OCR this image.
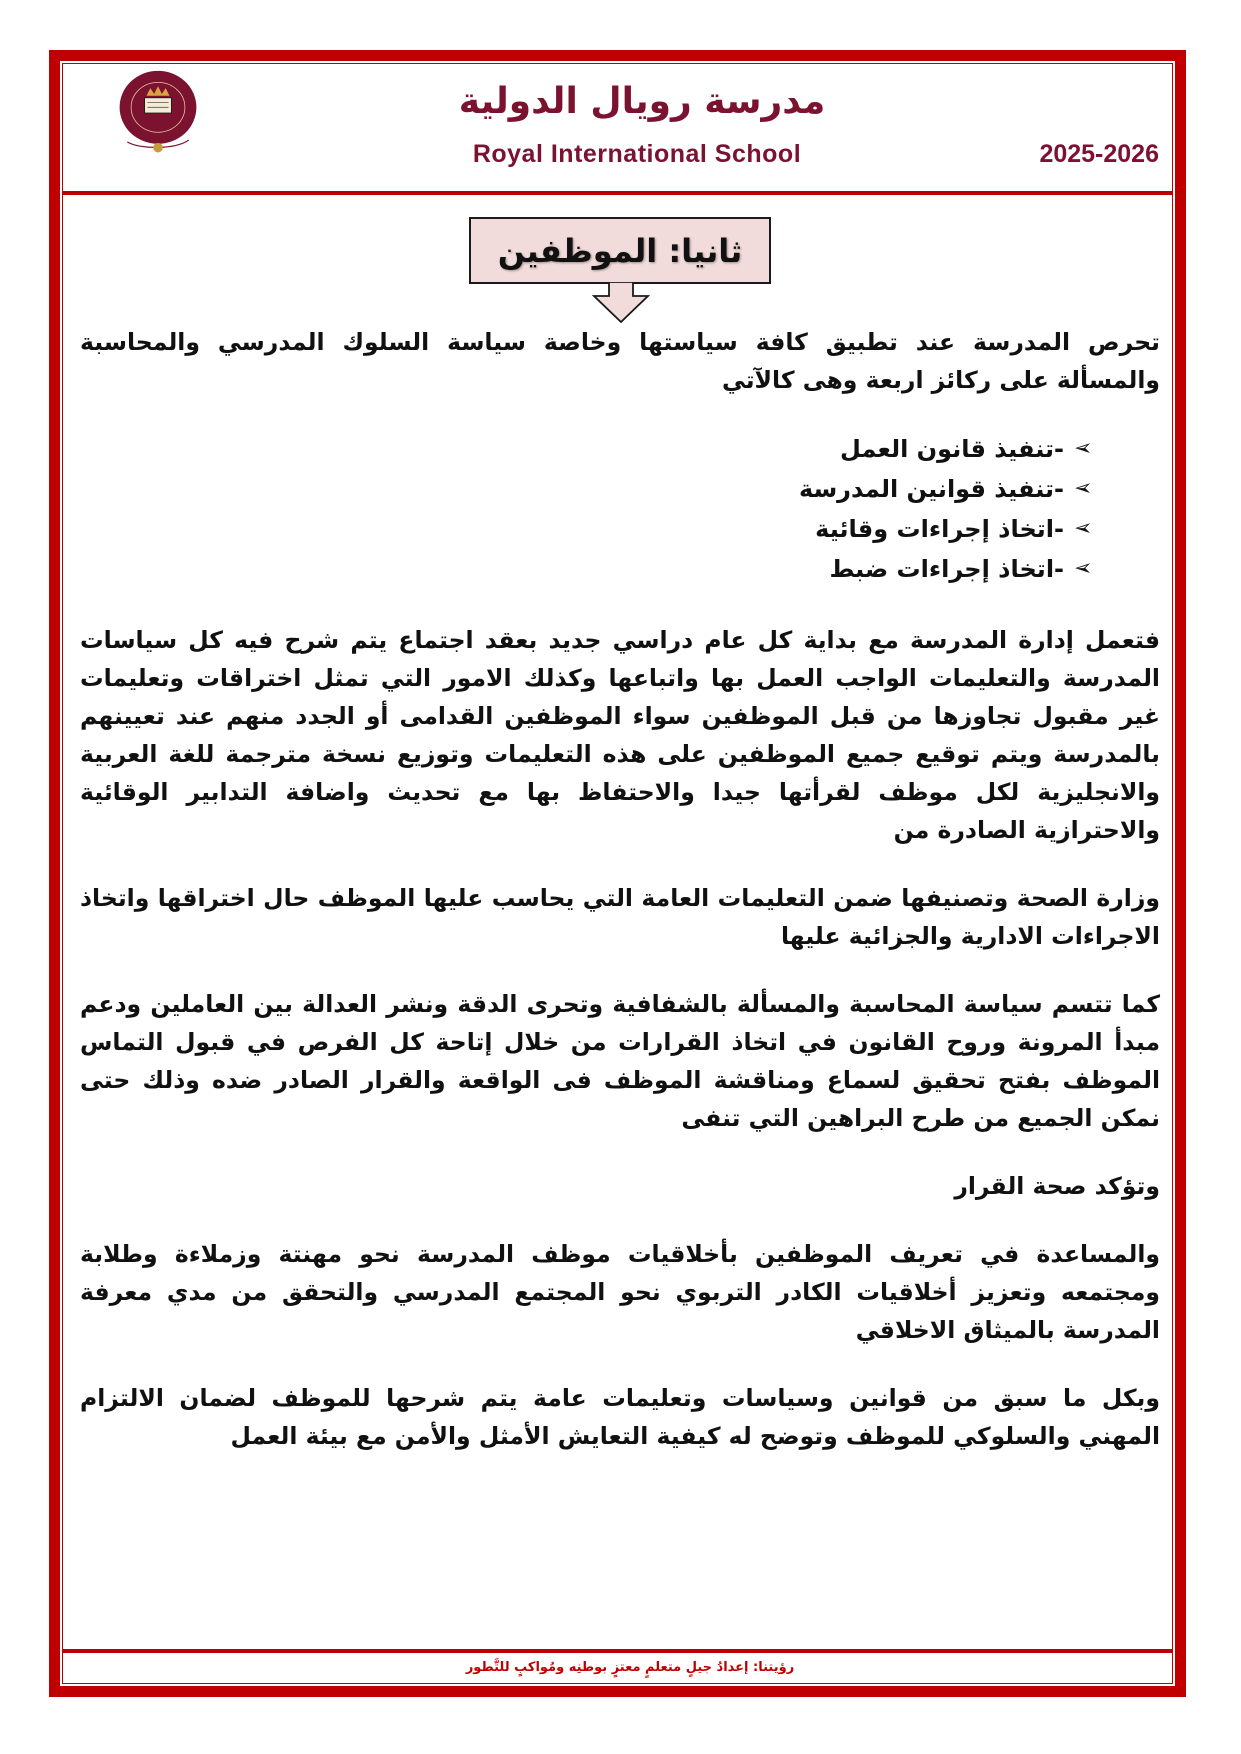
مدرسة رويال الدولية
Royal International School	2025-2026
ثانيا: الموظفين

تحرص المدرسة عند تطبيق كافة سياستها وخاصة سياسة السلوك المدرسي والمحاسبة والمسألة على ركائز اربعة وهى كالآتي

➢
-تنفيذ قانون العمل
➢
-تنفيذ قوانين المدرسة
➢
-اتخاذ إجراءات وقائية
➢
-اتخاذ إجراءات ضبط

فتعمل إدارة المدرسة مع بداية كل عام دراسي جديد بعقد اجتماع يتم شرح فيه كل سياسات المدرسة والتعليمات الواجب العمل بها واتباعها وكذلك الامور التي تمثل اختراقات وتعليمات غير مقبول تجاوزها من قبل الموظفين سواء الموظفين القدامى أو الجدد منهم عند تعيينهم بالمدرسة ويتم توقيع جميع الموظفين على هذه التعليمات وتوزيع نسخة مترجمة للغة العربية والانجليزية لكل موظف لقرأتها جيدا والاحتفاظ بها مع تحديث واضافة التدابير الوقائية والاحترازية الصادرة من

وزارة الصحة وتصنيفها ضمن التعليمات العامة التي يحاسب عليها الموظف حال اختراقها واتخاذ الاجراءات الادارية والجزائية عليها

كما تتسم سياسة المحاسبة والمسألة بالشفافية وتحرى الدقة ونشر العدالة بين العاملين ودعم مبدأ المرونة وروح القانون في اتخاذ القرارات من خلال إتاحة كل الفرص في قبول التماس الموظف بفتح تحقيق لسماع ومناقشة الموظف فى الواقعة والقرار الصادر ضده وذلك حتى نمكن الجميع من طرح البراهين التي تنفى

وتؤكد صحة القرار

والمساعدة في تعريف الموظفين بأخلاقيات موظف المدرسة نحو مهنتة وزملاءة وطلابة ومجتمعه وتعزيز أخلاقيات الكادر التربوي نحو المجتمع المدرسي والتحقق من مدي معرفة المدرسة بالميثاق الاخلاقي

وبكل ما سبق من قوانين وسياسات وتعليمات عامة يتم شرحها للموظف لضمان الالتزام المهني والسلوكي للموظف وتوضح له كيفية التعايش الأمثل والأمن مع بيئة العمل

رؤيتنا: إعدادُ جيلٍ متعلمٍ معتزٍ بوطنِه ومُواكبٍ للتَّطور
